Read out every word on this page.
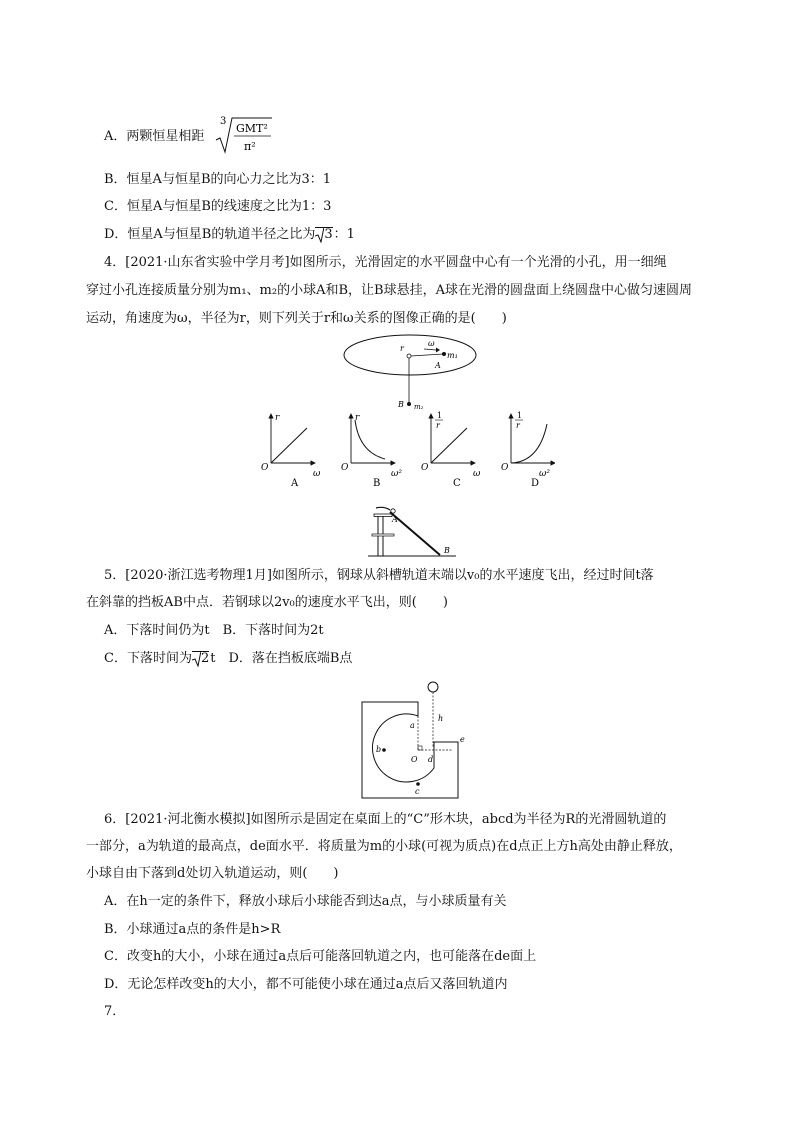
A．两颗恒星相距
3
GMT²
π²
B．恒星A与恒星B的向心力之比为3：1
C．恒星A与恒星B的线速度之比为1：3
D．恒星A与恒星B的轨道半径之比为 3：1
4．[2021·山东省实验中学月考]如图所示，光滑固定的水平圆盘中心有一个光滑的小孔，用一细绳
穿过小孔连接质量分别为m₁、m₂的小球A和B，让B球悬挂，A球在光滑的圆盘面上绕圆盘中心做匀速圆周
运动，角速度为ω，半径为r，则下列关于r和ω关系的图像正确的是(　　)
r
ω
m₁
A
B m₂
r
ω
O
A
r
ω²
O
B
1
r
ω
O
C
1
r
ω²
O
D
A
B
5．[2020·浙江选考物理1月]如图所示，钢球从斜槽轨道末端以v₀的水平速度飞出，经过时间t落
在斜靠的挡板AB中点．若钢球以2v₀的速度水平飞出，则(　　)
A．下落时间仍为t　B．下落时间为2t
C．下落时间为 2t　D．落在挡板底端B点
a
b
c
d
e
O
h
6．[2021·河北衡水模拟]如图所示是固定在桌面上的“C”形木块，abcd为半径为R的光滑圆轨道的
一部分，a为轨道的最高点，de面水平．将质量为m的小球(可视为质点)在d点正上方h高处由静止释放，
小球自由下落到d处切入轨道运动，则(　　)
A．在h一定的条件下，释放小球后小球能否到达a点，与小球质量有关
B．小球通过a点的条件是h>R
C．改变h的大小，小球在通过a点后可能落回轨道之内，也可能落在de面上
D．无论怎样改变h的大小，都不可能使小球在通过a点后又落回轨道内
7．
